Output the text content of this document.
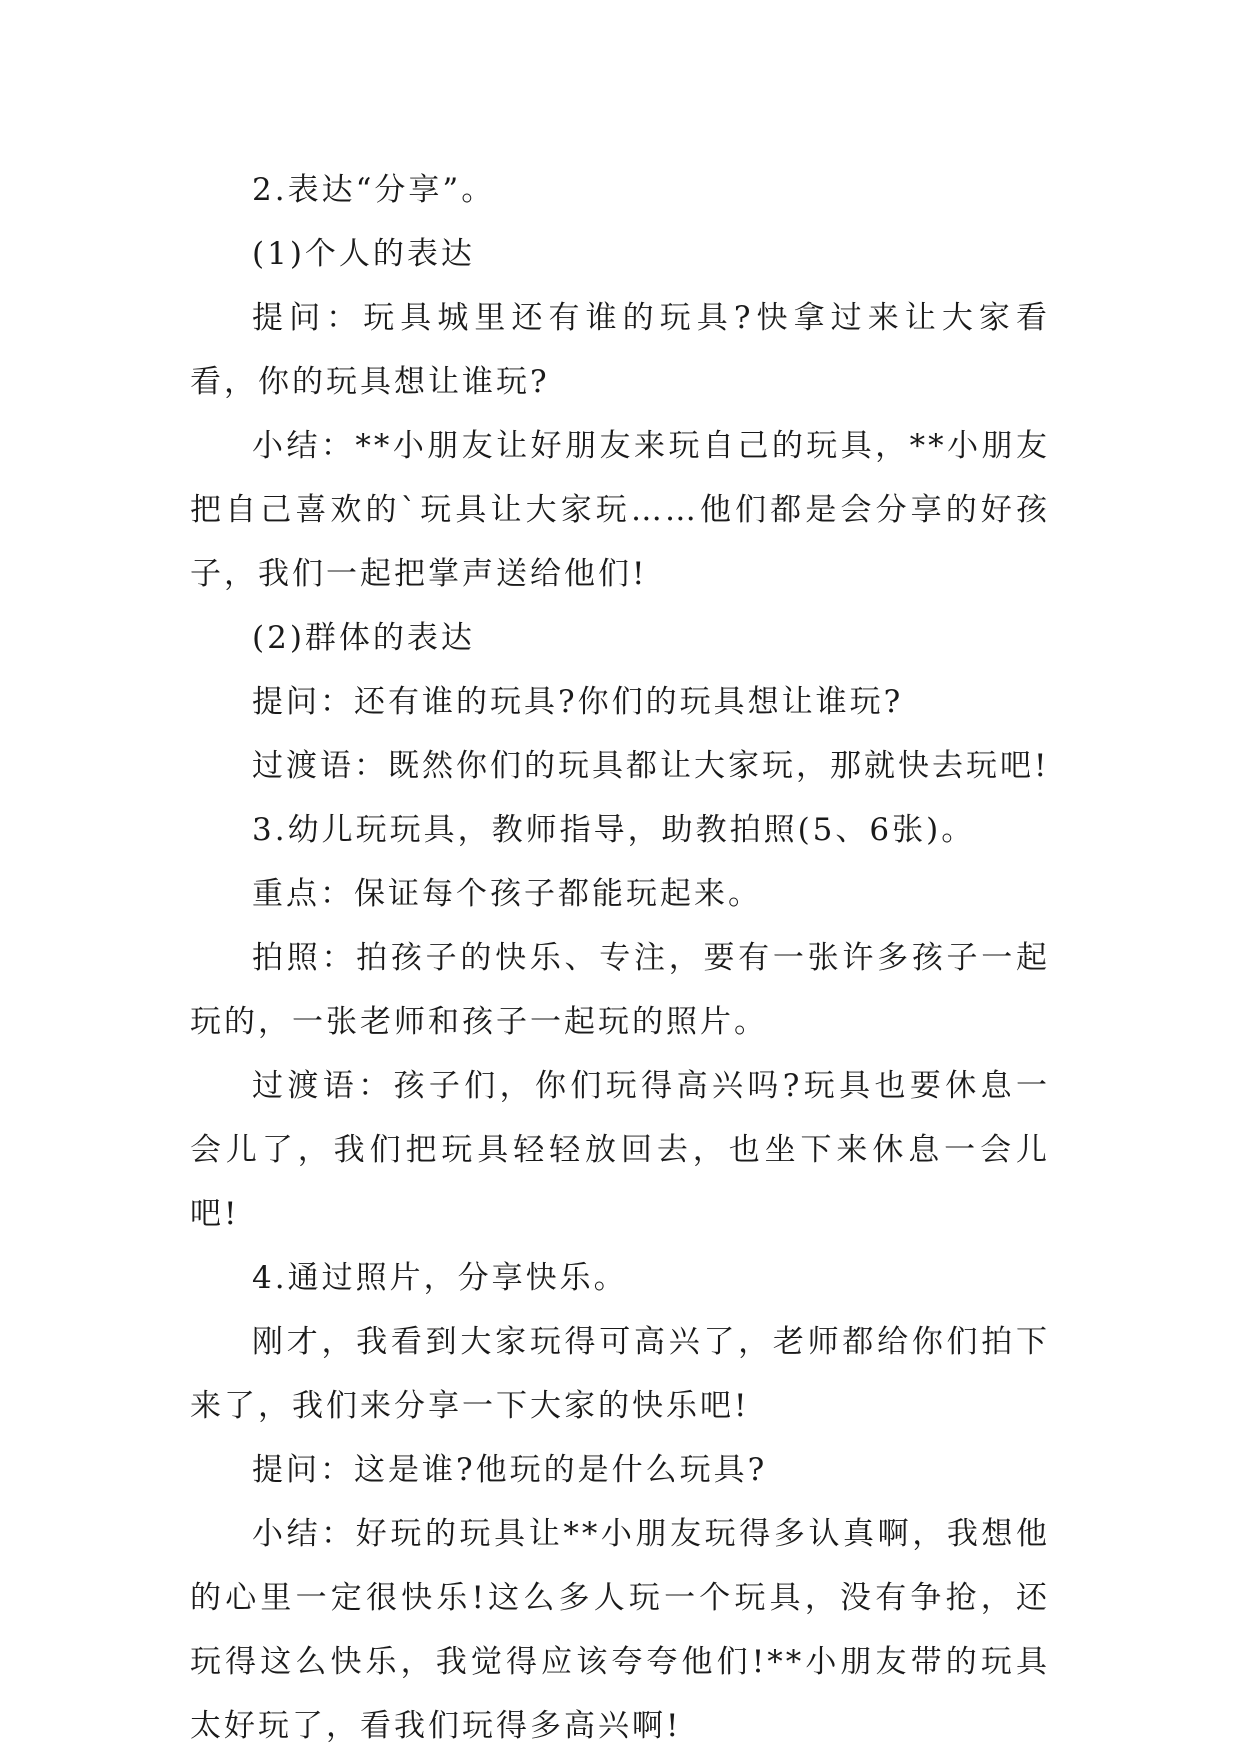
2.表达“分享”。

(1)个人的表达

提问：玩具城里还有谁的玩具?快拿过来让大家看看，你的玩具想让谁玩?

小结：**小朋友让好朋友来玩自己的玩具，**小朋友把自己喜欢的`玩具让大家玩……他们都是会分享的好孩子，我们一起把掌声送给他们!

(2)群体的表达

提问：还有谁的玩具?你们的玩具想让谁玩?

过渡语：既然你们的玩具都让大家玩，那就快去玩吧!

3.幼儿玩玩具，教师指导，助教拍照(5、6张)。

重点：保证每个孩子都能玩起来。

拍照：拍孩子的快乐、专注，要有一张许多孩子一起玩的，一张老师和孩子一起玩的照片。

过渡语：孩子们，你们玩得高兴吗?玩具也要休息一会儿了，我们把玩具轻轻放回去，也坐下来休息一会儿吧!

4.通过照片，分享快乐。

刚才，我看到大家玩得可高兴了，老师都给你们拍下来了，我们来分享一下大家的快乐吧!

提问：这是谁?他玩的是什么玩具?

小结：好玩的玩具让**小朋友玩得多认真啊，我想他的心里一定很快乐!这么多人玩一个玩具，没有争抢，还玩得这么快乐，我觉得应该夸夸他们!**小朋友带的玩具太好玩了，看我们玩得多高兴啊!
